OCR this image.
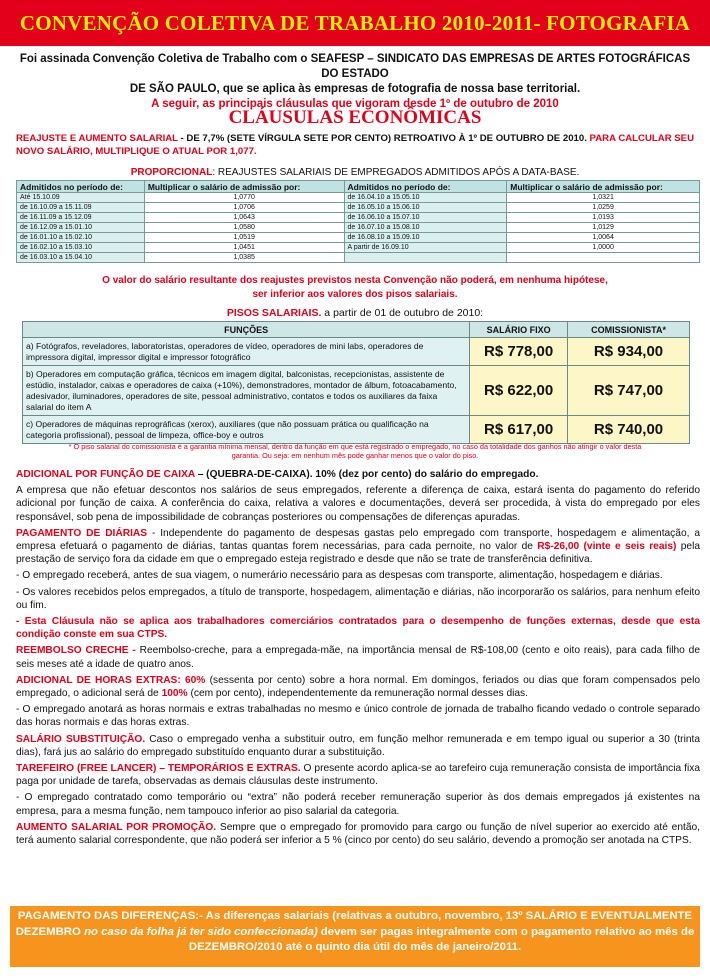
CONVENÇÃO COLETIVA DE TRABALHO 2010-2011- FOTOGRAFIA
Foi assinada Convenção Coletiva de Trabalho com o SEAFESP – SINDICATO DAS EMPRESAS DE ARTES FOTOGRÁFICAS DO ESTADO
DE SÃO PAULO, que se aplica às empresas de fotografia de nossa base territorial.
A seguir, as principais cláusulas que vigoram desde 1º de outubro de 2010
CLÁUSULAS ECONÔMICAS
REAJUSTE E AUMENTO SALARIAL - DE 7,7% (SETE VÍRGULA SETE POR CENTO) RETROATIVO À 1º DE OUTUBRO DE 2010. PARA CALCULAR SEU NOVO SALÁRIO, MULTIPLIQUE O ATUAL POR 1,077.
PROPORCIONAL: REAJUSTES SALARIAIS DE EMPREGADOS ADMITIDOS APÓS A DATA-BASE.
Admitidos no período de:	Multiplicar o salário de admissão por:	Admitidos no período de:	Multiplicar o salário de admissão por:
Até 15.10.09	1,0770	de 16.04.10 a 15.05.10	1,0321
de 16.10.09 a 15.11.09	1,0706	de 16.05.10 a 15.06.10	1,0259
de 16.11.09 a 15.12.09	1,0643	de 16.06.10 a 15.07.10	1,0193
de 16.12.09 a 15.01.10	1,0580	de 16.07.10 a 15.08.10	1,0129
de 16.01.10 a 15.02.10	1,0519	de 16.08.10 a 15.09.10	1,0064
de 16.02.10 a 15.03.10	1,0451	A partir de 16.09.10	1,0000
de 16.03.10 a 15.04.10	1,0385		
O valor do salário resultante dos reajustes previstos nesta Convenção não poderá, em nenhuma hipótese,
ser inferior aos valores dos pisos salariais.
PISOS SALARIAIS. a partir de 01 de outubro de 2010:
FUNÇÕES	SALÁRIO FIXO	COMISSIONISTA*
a) Fotógrafos, reveladores, laboratoristas, operadores de vídeo, operadores de mini labs, operadores de impressora digital, impressor digital e impressor fotográfico	R$ 778,00	R$ 934,00
b) Operadores em computação gráfica, técnicos em imagem digital, balconistas, recepcionistas, assistente de estúdio, instalador, caixas e operadores de caixa (+10%), demonstradores, montador de álbum, fotoacabamento, adesivador, iluminadores, operadores de site, pessoal administrativo, contatos e todos os auxiliares da faixa salarial do item A	R$ 622,00	R$ 747,00
c) Operadores de máquinas reprográficas (xerox), auxiliares (que não possuam prática ou qualificação na categoria profissional), pessoal de limpeza, office-boy e outros	R$ 617,00	R$ 740,00
* O piso salarial do comissionista é a garantia mínima mensal, dentro da função em que está registrado o empregado, no caso da totalidade dos ganhos não atingir o valor desta
garantia. Ou seja: em nenhum mês pode ganhar menos que o valor do piso.

ADICIONAL POR FUNÇÃO DE CAIXA – (QUEBRA-DE-CAIXA). 10% (dez por cento) do salário do empregado.

A empresa que não efetuar descontos nos salários de seus empregados, referente a diferença de caixa, estará isenta do pagamento do referido adicional por função de caixa. A conferência do caixa, relativa a valores e documentações, deverá ser procedida, à vista do empregado por eles responsável, sob pena de impossibilidade de cobranças posteriores ou compensações de diferenças apuradas.

PAGAMENTO DE DIÁRIAS - Independente do pagamento de despesas gastas pelo empregado com transporte, hospedagem e alimentação, a empresa efetuará o pagamento de diárias, tantas quantas forem necessárias, para cada pernoite, no valor de R$-26,00 (vinte e seis reais) pela prestação de serviço fora da cidade em que o empregado esteja registrado e desde que não se trate de transferência definitiva.

- O empregado receberá, antes de sua viagem, o numerário necessário para as despesas com transporte, alimentação, hospedagem e diárias.

- Os valores recebidos pelos empregados, a título de transporte, hospedagem, alimentação e diárias, não incorporarão os salários, para nenhum efeito ou fim.

- Esta Cláusula não se aplica aos trabalhadores comerciários contratados para o desempenho de funções externas, desde que esta condição conste em sua CTPS.

REEMBOLSO CRECHE - Reembolso-creche, para a empregada-mãe, na importância mensal de R$-108,00 (cento e oito reais), para cada filho de seis meses até a idade de quatro anos.

ADICIONAL DE HORAS EXTRAS: 60% (sessenta por cento) sobre a hora normal. Em domingos, feriados ou dias que foram compensados pelo empregado, o adicional será de 100% (cem por cento), independentemente da remuneração normal desses dias.

- O empregado anotará as horas normais e extras trabalhadas no mesmo e único controle de jornada de trabalho ficando vedado o controle separado das horas normais e das horas extras.

SALÁRIO SUBSTITUIÇÃO. Caso o empregado venha a substituir outro, em função melhor remunerada e em tempo igual ou superior a 30 (trinta dias), fará jus ao salário do empregado substituído enquanto durar a substituição.

TAREFEIRO (FREE LANCER) – TEMPORÁRIOS E EXTRAS. O presente acordo aplica-se ao tarefeiro cuja remuneração consista de importância fixa paga por unidade de tarefa, observadas as demais cláusulas deste instrumento.

- O empregado contratado como temporário ou “extra” não poderá receber remuneração superior às dos demais empregados já existentes na empresa, para a mesma função, nem tampouco inferior ao piso salarial da categoria.

AUMENTO SALARIAL POR PROMOÇÃO. Sempre que o empregado for promovido para cargo ou função de nível superior ao exercido até então, terá aumento salarial correspondente, que não poderá ser inferior a 5 % (cinco por cento) do seu salário, devendo a promoção ser anotada na CTPS.

PAGAMENTO DAS DIFERENÇAS:- As diferenças salariais (relativas a outubro, novembro, 13º SALÁRIO E EVENTUALMENTE DEZEMBRO no caso da folha já ter sido confeccionada) devem ser pagas integralmente com o pagamento relativo ao mês de DEZEMBRO/2010 até o quinto dia útil do mês de janeiro/2011.
